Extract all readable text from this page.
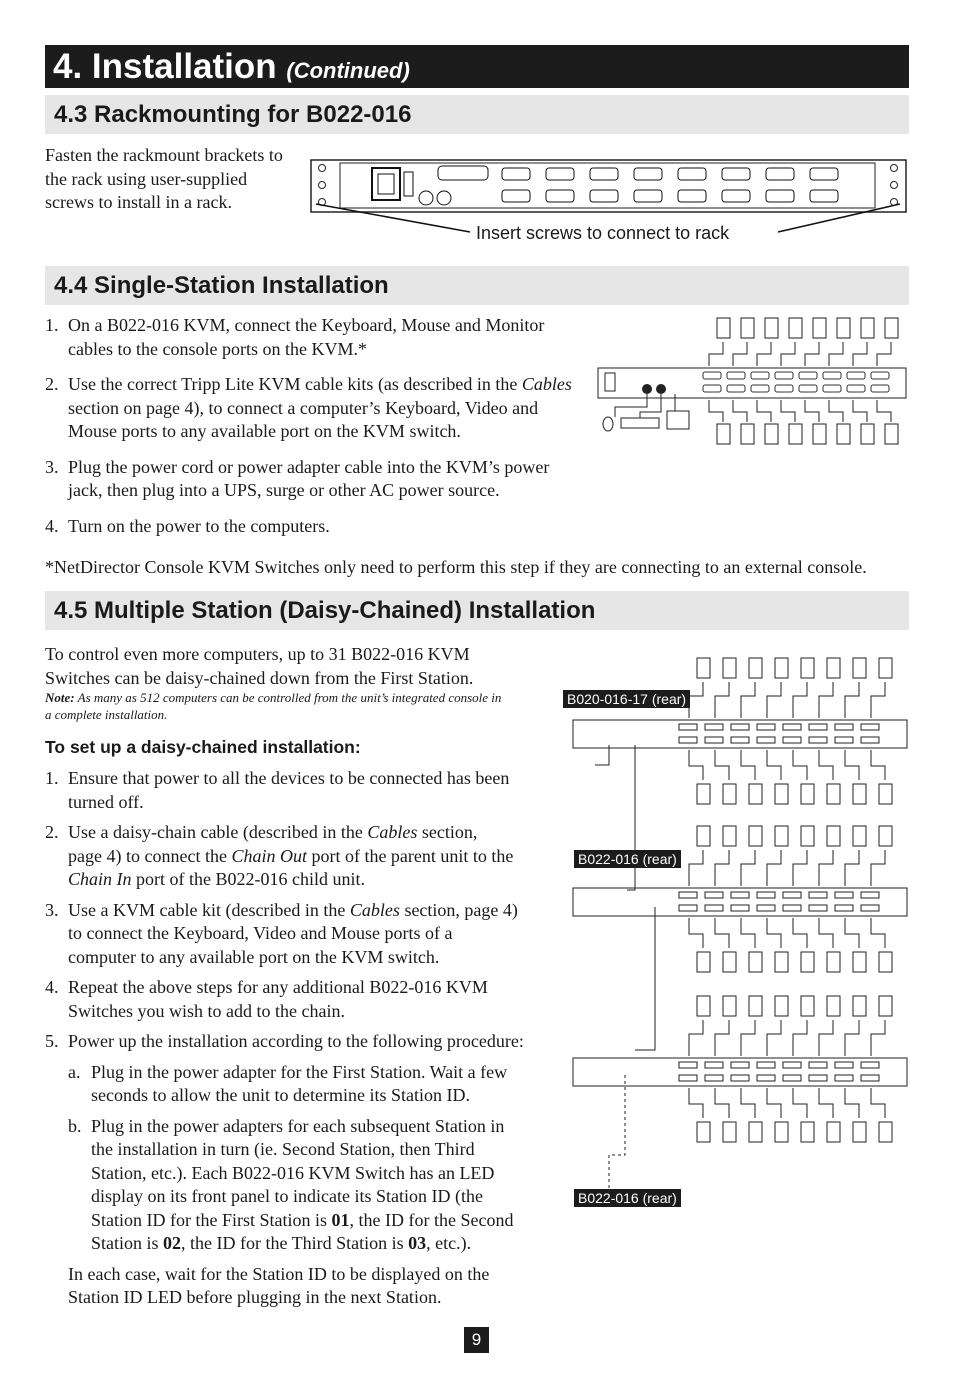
4. Installation (Continued)
4.3 Rackmounting for B022-016
Fasten the rackmount brackets to
the rack using user-supplied
screws to install in a rack.
Insert screws to connect to rack
4.4 Single-Station Installation
1. On a B022-016 KVM, connect the Keyboard, Mouse and Monitor
cables to the console ports on the KVM.*
2. Use the correct Tripp Lite KVM cable kits (as described in the Cables
section on page 4), to connect a computer’s Keyboard, Video and
Mouse ports to any available port on the KVM switch.
3. Plug the power cord or power adapter cable into the KVM’s power
jack, then plug into a UPS, surge or other AC power source.
4. Turn on the power to the computers.
*NetDirector Console KVM Switches only need to perform this step if they are connecting to an external console.
4.5 Multiple Station (Daisy-Chained) Installation
To control even more computers, up to 31 B022-016 KVM
Switches can be daisy-chained down from the First Station.
Note: As many as 512 computers can be controlled from the unit’s integrated console in
a complete installation.
To set up a daisy-chained installation:
1. Ensure that power to all the devices to be connected has been
turned off.
2. Use a daisy-chain cable (described in the Cables section,
page 4) to connect the Chain Out port of the parent unit to the
Chain In port of the B022-016 child unit.
3. Use a KVM cable kit (described in the Cables section, page 4)
to connect the Keyboard, Video and Mouse ports of a
computer to any available port on the KVM switch.
4. Repeat the above steps for any additional B022-016 KVM
Switches you wish to add to the chain.
5. Power up the installation according to the following procedure:
a. Plug in the power adapter for the First Station. Wait a few
seconds to allow the unit to determine its Station ID.
b. Plug in the power adapters for each subsequent Station in
the installation in turn (ie. Second Station, then Third
Station, etc.). Each B022-016 KVM Switch has an LED
display on its front panel to indicate its Station ID (the
Station ID for the First Station is 01, the ID for the Second
Station is 02, the ID for the Third Station is 03, etc.).
In each case, wait for the Station ID to be displayed on the
Station ID LED before plugging in the next Station.
B020-016-17 (rear)
B022-016 (rear)
B022-016 (rear)
9
